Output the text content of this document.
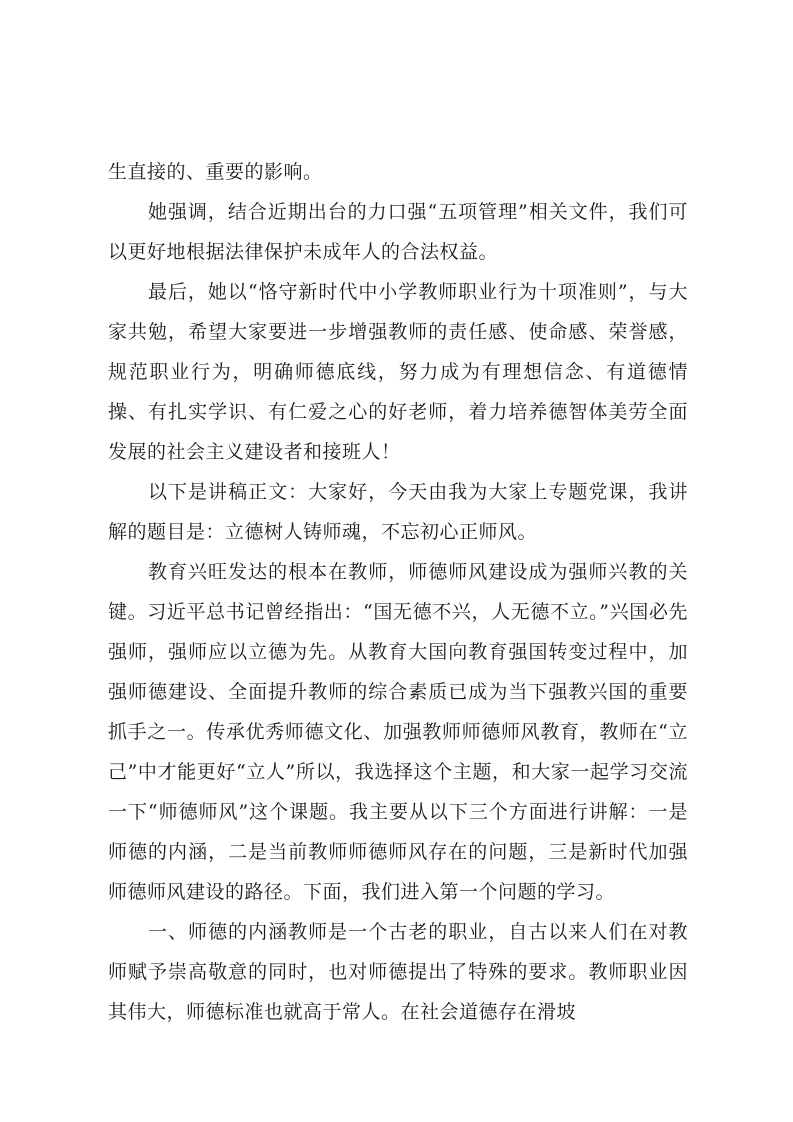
生直接的、重要的影响。

她强调，结合近期出台的力口强“五项管理”相关文件，我们可以更好地根据法律保护未成年人的合法权益。

最后，她以“恪守新时代中小学教师职业行为十项准则”，与大家共勉，希望大家要进一步增强教师的责任感、使命感、荣誉感，规范职业行为，明确师德底线，努力成为有理想信念、有道德情操、有扎实学识、有仁爱之心的好老师，着力培养德智体美劳全面发展的社会主义建设者和接班人！

以下是讲稿正文：大家好，今天由我为大家上专题党课，我讲解的题目是：立德树人铸师魂，不忘初心正师风。

教育兴旺发达的根本在教师，师德师风建设成为强师兴教的关键。习近平总书记曾经指出：“国无德不兴，人无德不立。”兴国必先强师，强师应以立德为先。从教育大国向教育强国转变过程中，加强师德建设、全面提升教师的综合素质已成为当下强教兴国的重要抓手之一。传承优秀师德文化、加强教师师德师风教育，教师在“立己”中才能更好“立人”所以，我选择这个主题，和大家一起学习交流一下“师德师风”这个课题。我主要从以下三个方面进行讲解：一是师德的内涵，二是当前教师师德师风存在的问题，三是新时代加强师德师风建设的路径。下面，我们进入第一个问题的学习。

一、师德的内涵教师是一个古老的职业，自古以来人们在对教师赋予崇高敬意的同时，也对师德提出了特殊的要求。教师职业因其伟大，师德标准也就高于常人。在社会道德存在滑坡
